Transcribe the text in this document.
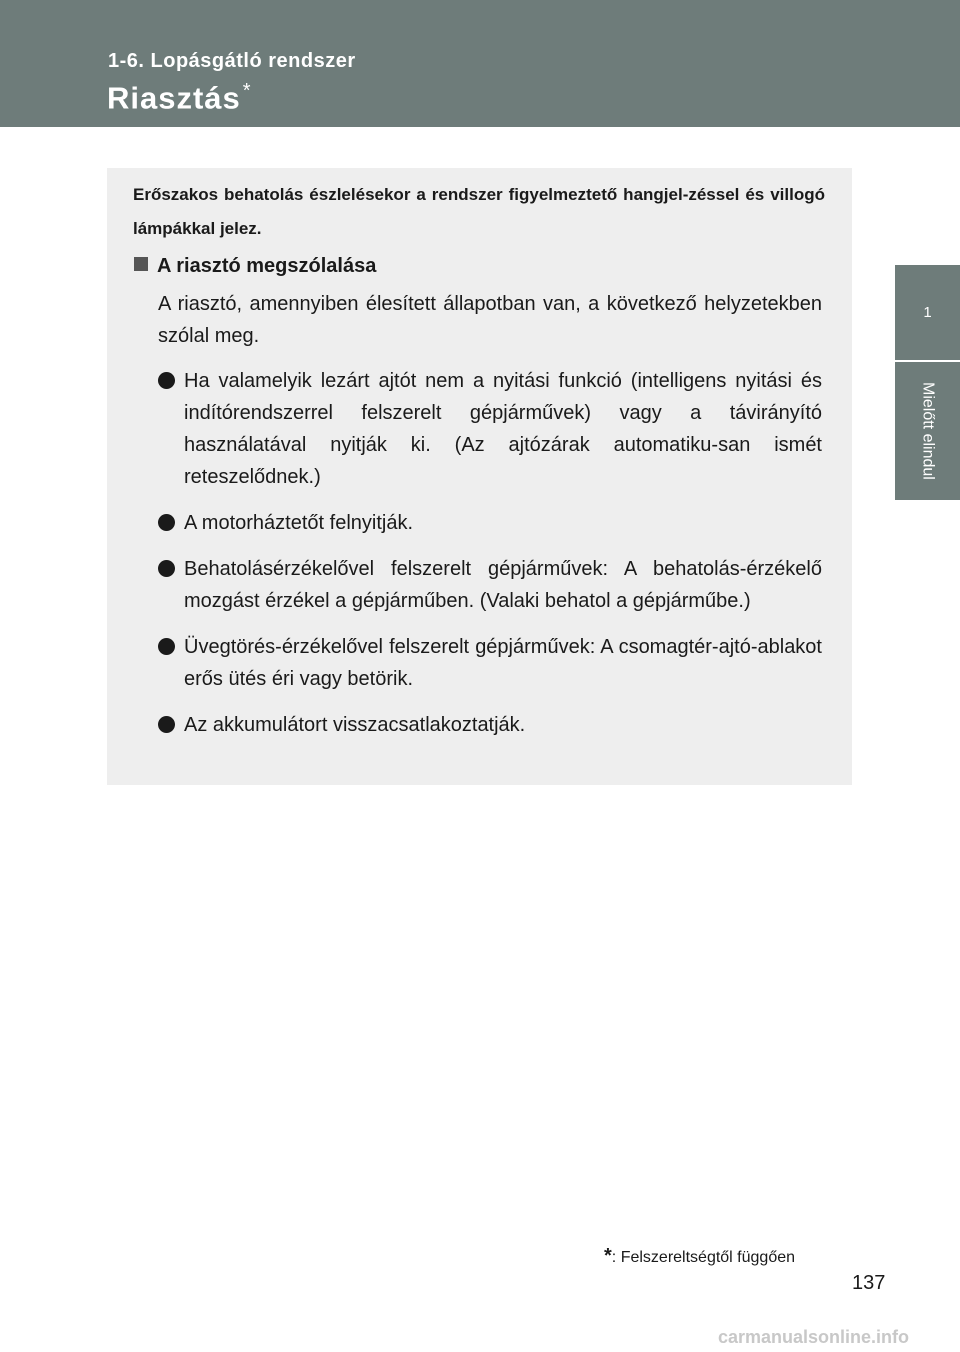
1-6. Lopásgátló rendszer
Riasztás *
1
Mielőtt elindul
Erőszakos behatolás észlelésekor a rendszer figyelmeztető hangjel-zéssel és villogó lámpákkal jelez.
A riasztó megszólalása
A riasztó, amennyiben élesített állapotban van, a következő helyzetekben szólal meg.
Ha valamelyik lezárt ajtót nem a nyitási funkció (intelligens nyitási és indítórendszerrel felszerelt gépjárművek) vagy a távirányító használatával nyitják ki. (Az ajtózárak automatiku-san ismét reteszelődnek.)
A motorháztetőt felnyitják.
Behatolásérzékelővel felszerelt gépjárművek: A behatolás-érzékelő mozgást érzékel a gépjárműben. (Valaki behatol a gépjárműbe.)
Üvegtörés-érzékelővel felszerelt gépjárművek: A csomagtér-ajtó-ablakot erős ütés éri vagy betörik.
Az akkumulátort visszacsatlakoztatják.
*: Felszereltségtől függően
137
carmanualsonline.info
